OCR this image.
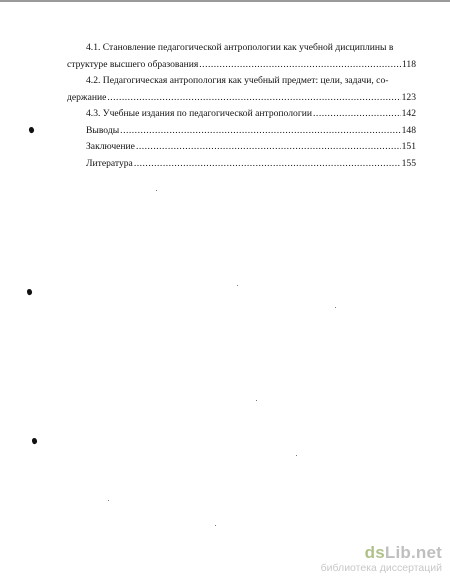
4.1. Становление педагогической антропологии как учебной дисциплины в
структуре высшего образования .....	118
4.2. Педагогическая антропология как учебный предмет: цели, задачи, со-
держание .....	123
4.3. Учебные издания по педагогической антропологии .....	142
Выводы .....	148
Заключение .....	151
Литература .....	155
dsLib.net
библиотека диссертаций
